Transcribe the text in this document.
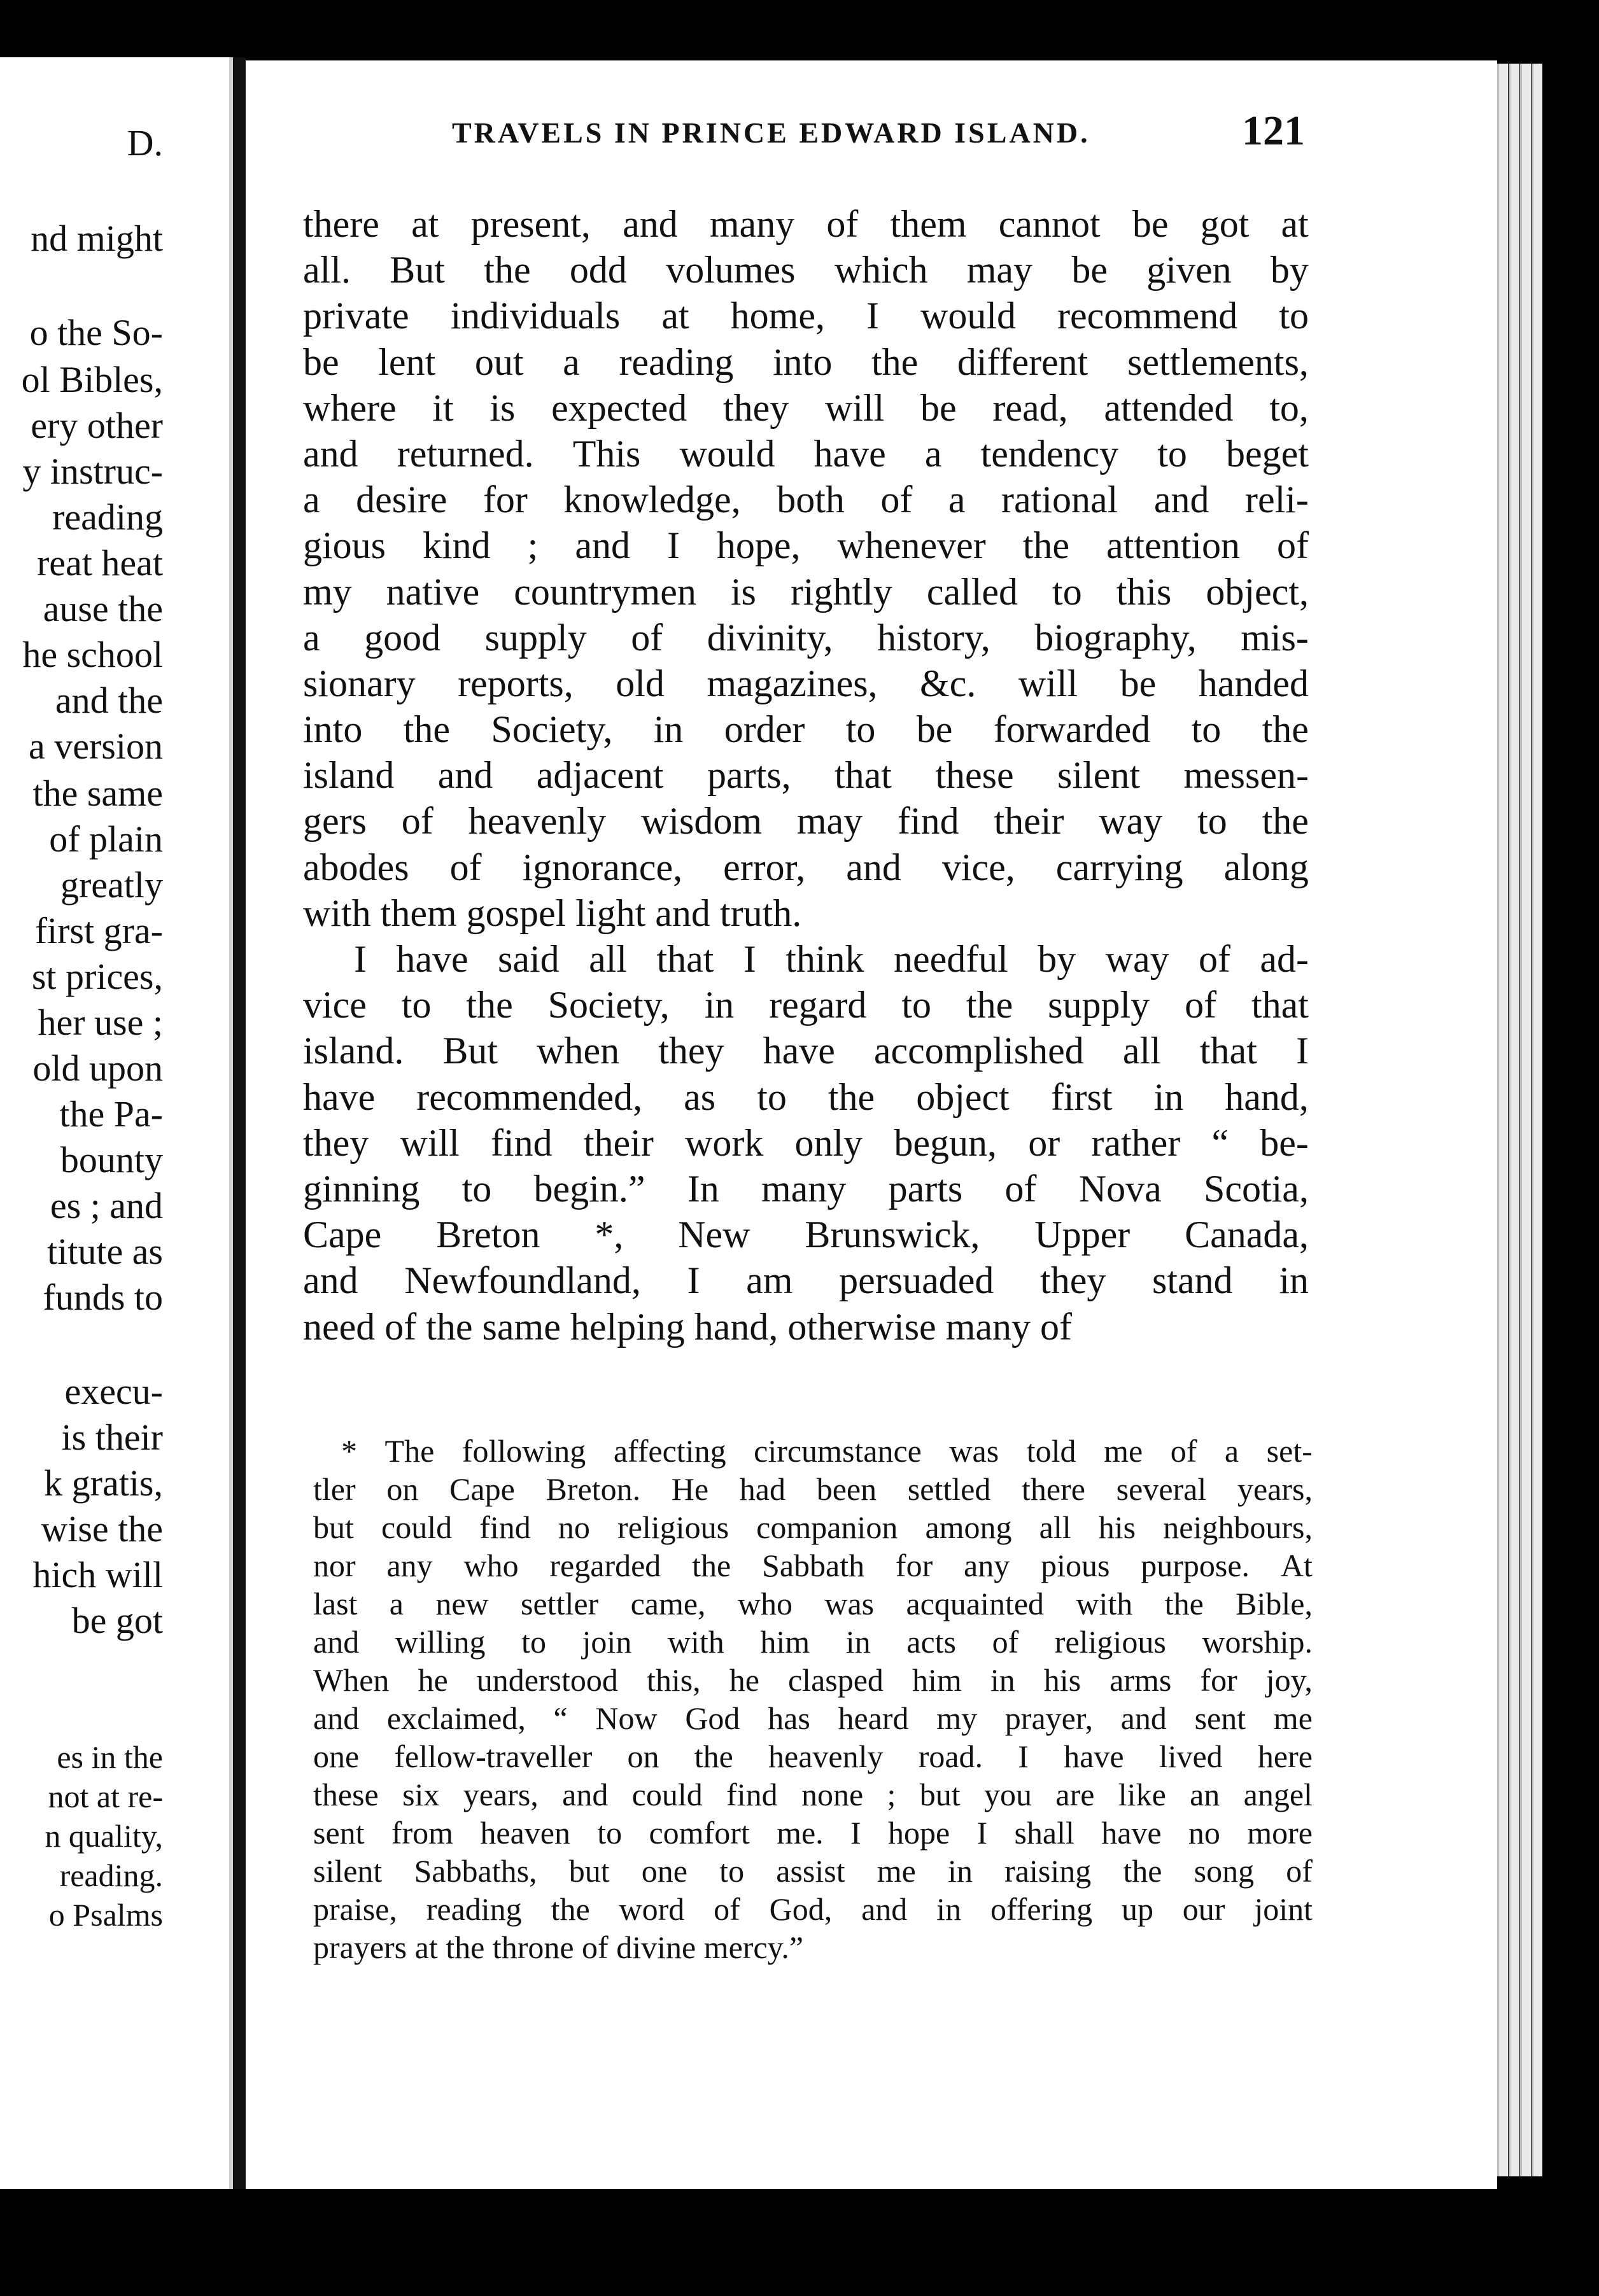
D.
nd might
o the So-
ol Bibles,
ery other
y instruc-
reading
reat heat
ause the
he school
and the
a version
the same
of plain
greatly
first gra-
st prices,
her use ;
old upon
the Pa-
bounty
es ; and
titute as
funds to
execu-
is their
k gratis,
wise the
hich will
be got
es in the
not at re-
n quality,
reading.
o Psalms
TRAVELS IN PRINCE EDWARD ISLAND.	121
there at present, and many of them cannot be got at
all. But the odd volumes which may be given by
private individuals at home, I would recommend to
be lent out a reading into the different settlements,
where it is expected they will be read, attended to,
and returned. This would have a tendency to beget
a desire for knowledge, both of a rational and reli-
gious kind ; and I hope, whenever the attention of
my native countrymen is rightly called to this object,
a good supply of divinity, history, biography, mis-
sionary reports, old magazines, &c. will be handed
into the Society, in order to be forwarded to the
island and adjacent parts, that these silent messen-
gers of heavenly wisdom may find their way to the
abodes of ignorance, error, and vice, carrying along
with them gospel light and truth.
I have said all that I think needful by way of ad-
vice to the Society, in regard to the supply of that
island. But when they have accomplished all that I
have recommended, as to the object first in hand,
they will find their work only begun, or rather “ be-
ginning to begin.” In many parts of Nova Scotia,
Cape Breton *, New Brunswick, Upper Canada,
and Newfoundland, I am persuaded they stand in
need of the same helping hand, otherwise many of
* The following affecting circumstance was told me of a set-
tler on Cape Breton. He had been settled there several years,
but could find no religious companion among all his neighbours,
nor any who regarded the Sabbath for any pious purpose. At
last a new settler came, who was acquainted with the Bible,
and willing to join with him in acts of religious worship.
When he understood this, he clasped him in his arms for joy,
and exclaimed, “ Now God has heard my prayer, and sent me
one fellow-traveller on the heavenly road. I have lived here
these six years, and could find none ; but you are like an angel
sent from heaven to comfort me. I hope I shall have no more
silent Sabbaths, but one to assist me in raising the song of
praise, reading the word of God, and in offering up our joint
prayers at the throne of divine mercy.”
